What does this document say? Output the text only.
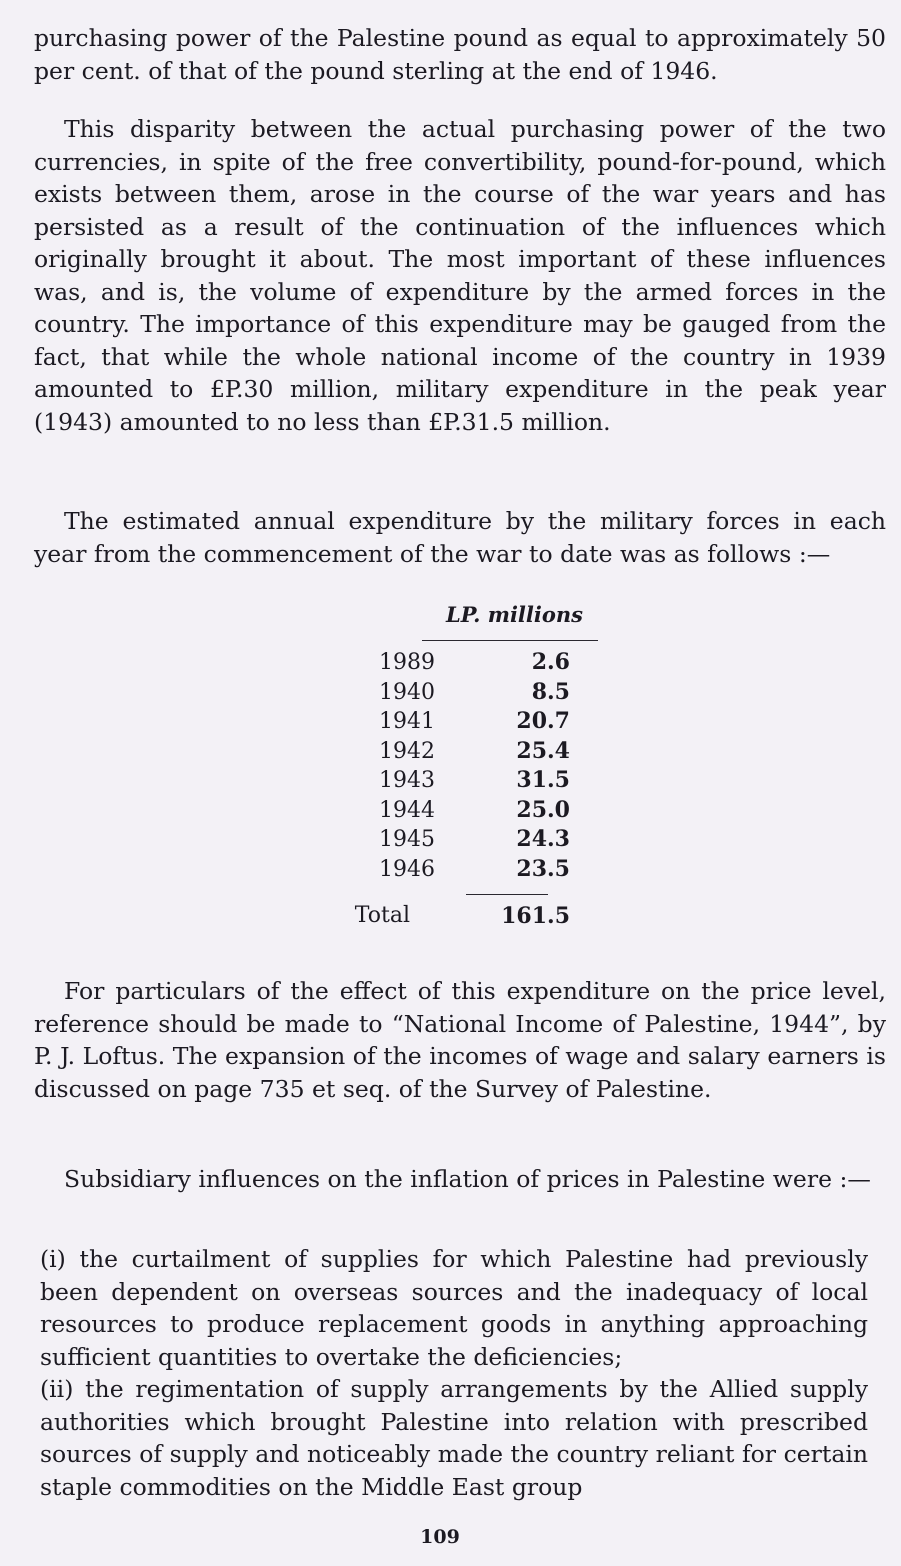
purchasing power of the Palestine pound as equal to approximately 50 per cent. of that of the pound sterling at the end of 1946.

This disparity between the actual purchasing power of the two currencies, in spite of the free convertibility, pound-for-pound, which exists between them, arose in the course of the war years and has persisted as a result of the continuation of the influences which originally brought it about. The most important of these influences was, and is, the volume of expenditure by the armed forces in the country. The importance of this expenditure may be gauged from the fact, that while the whole national income of the country in 1939 amounted to £P.30 million, military expenditure in the peak year (1943) amounted to no less than £P.31.5 million.

The estimated annual expenditure by the military forces in each year from the commencement of the war to date was as follows :—

LP. millions
1989	2.6
1940	8.5
1941	20.7
1942	25.4
1943	31.5
1944	25.0
1945	24.3
1946	23.5
Total	161.5

For particulars of the effect of this expenditure on the price level, reference should be made to “National Income of Palestine, 1944”, by P. J. Loftus. The expansion of the incomes of wage and salary earners is discussed on page 735 et seq. of the Survey of Palestine.

Subsidiary influences on the inflation of prices in Palestine were :—

(i) the curtailment of supplies for which Palestine had previously been dependent on overseas sources and the inadequacy of local resources to produce replacement goods in anything approaching sufficient quantities to overtake the deficiencies;

(ii) the regimentation of supply arrangements by the Allied supply authorities which brought Palestine into relation with prescribed sources of supply and noticeably made the country reliant for certain staple commodities on the Middle East group

109
